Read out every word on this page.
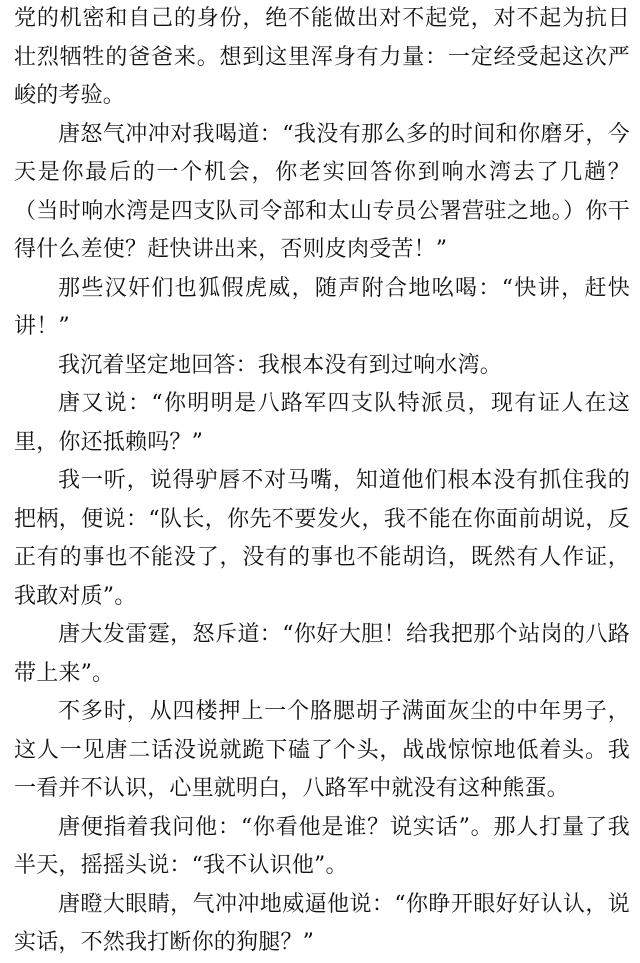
党的机密和自己的身份，绝不能做出对不起党，对不起为抗日壮烈牺牲的爸爸来。想到这里浑身有力量：一定经受起这次严峻的考验。

唐怒气冲冲对我喝道：“我没有那么多的时间和你磨牙，今天是你最后的一个机会，你老实回答你到响水湾去了几趟？（当时响水湾是四支队司令部和太山专员公署营驻之地。）你干得什么差使？赶快讲出来，否则皮肉受苦！”

那些汉奸们也狐假虎威，随声附合地吆喝：“快讲，赶快讲！”

我沉着坚定地回答：我根本没有到过响水湾。

唐又说：“你明明是八路军四支队特派员，现有证人在这里，你还抵赖吗？”

我一听，说得驴唇不对马嘴，知道他们根本没有抓住我的把柄，便说：“队长，你先不要发火，我不能在你面前胡说，反正有的事也不能没了，没有的事也不能胡诌，既然有人作证，我敢对质”。

唐大发雷霆，怒斥道：“你好大胆！给我把那个站岗的八路带上来”。

不多时，从四楼押上一个胳腮胡子满面灰尘的中年男子，这人一见唐二话没说就跪下磕了个头，战战惊惊地低着头。我一看并不认识，心里就明白，八路军中就没有这种熊蛋。

唐便指着我问他：“你看他是谁？说实话”。那人打量了我半天，摇摇头说：“我不认识他”。

唐瞪大眼睛，气冲冲地威逼他说：“你睁开眼好好认认，说实话，不然我打断你的狗腿？”
